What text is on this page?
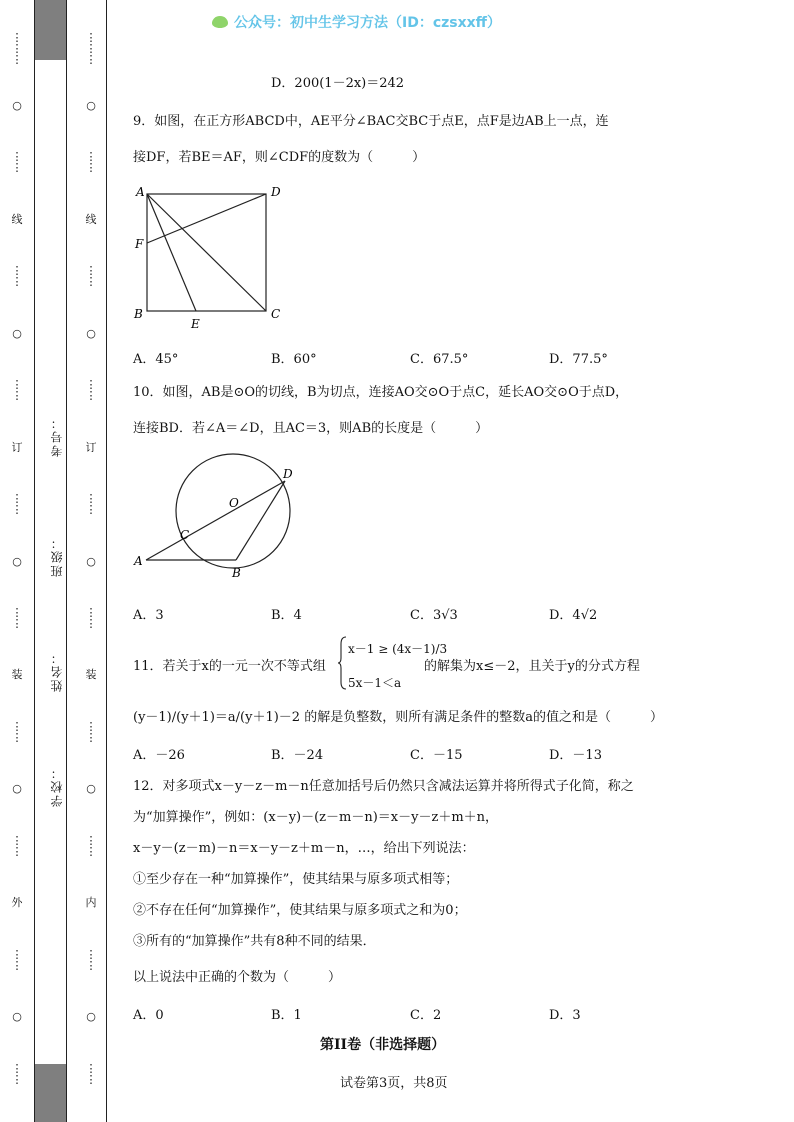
⋮
⋮
⋮
○
⋮
⋮
线
⋮
⋮
○
⋮
⋮
订
⋮
⋮
○
⋮
⋮
装
⋮
⋮
○
⋮
⋮
外
⋮
⋮
○
⋮
⋮
⋮
⋮
⋮
○
⋮
⋮
线
⋮
⋮
○
⋮
⋮
订
⋮
⋮
○
⋮
⋮
装
⋮
⋮
○
⋮
⋮
内
⋮
⋮
○
⋮
⋮
考号：
班级：
姓名：
学校：
公众号：初中生学习方法（ID：czsxxff）
D．200(1－2x)＝242
9．如图，在正方形ABCD中，AE平分∠BAC交BC于点E，点F是边AB上一点，连
接DF，若BE＝AF，则∠CDF的度数为（　　　）
A	D
F
B
E
C
A．45°	B．60°	C．67.5°	D．77.5°
10．如图，AB是⊙O的切线，B为切点，连接AO交⊙O于点C，延长AO交⊙O于点D，
连接BD．若∠A＝∠D，且AC＝3，则AB的长度是（　　　）
D
O
C
A
B
A．3	B．4	C．3√3	D．4√2
11．若关于x的一元一次不等式组
x－1 ≥ (4x－1)/3
5x－1＜a
的解集为x≤－2，且关于y的分式方程
(y－1)/(y＋1)＝a/(y＋1)－2 的解是负整数，则所有满足条件的整数a的值之和是（　　　）
A．－26	B．－24	C．－15	D．－13
12．对多项式x－y－z－m－n任意加括号后仍然只含减法运算并将所得式子化简，称之
为“加算操作”，例如：(x－y)－(z－m－n)＝x－y－z＋m＋n，
x－y－(z－m)－n＝x－y－z＋m－n，…，给出下列说法：
①至少存在一种“加算操作”，使其结果与原多项式相等；
②不存在任何“加算操作”，使其结果与原多项式之和为0；
③所有的“加算操作”共有8种不同的结果．
以上说法中正确的个数为（　　　）
A．0	B．1	C．2	D．3
第II卷（非选择题）
试卷第3页，共8页
